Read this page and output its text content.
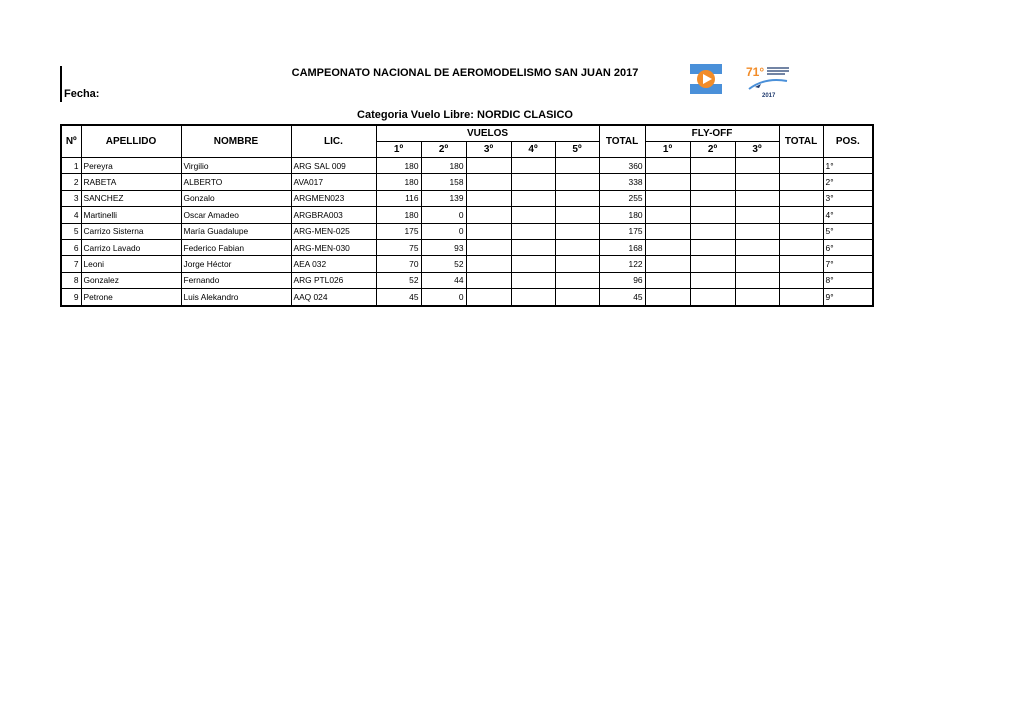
CAMPEONATO NACIONAL DE AEROMODELISMO SAN JUAN 2017
Fecha:
Categoria Vuelo Libre: NORDIC CLASICO
71°
2017
Nº	APELLIDO	NOMBRE	LIC.	VUELOS					TOTAL	FLY-OFF			TOTAL	POS.
				1º	2º	3º	4º	5º		1º	2º	3º		
1	Pereyra	Virgilio	ARG SAL 009	180	180				360					1°
2	RABETA	ALBERTO	AVA017	180	158				338					2°
3	SANCHEZ	Gonzalo	ARGMEN023	116	139				255					3°
4	Martinelli	Oscar Amadeo	ARGBRA003	180	0				180					4°
5	Carrizo Sisterna	María Guadalupe	ARG-MEN-025	175	0				175					5°
6	Carrizo Lavado	Federico Fabian	ARG-MEN-030	75	93				168					6°
7	Leoni	Jorge Héctor	AEA 032	70	52				122					7°
8	Gonzalez	Fernando	ARG PTL026	52	44				96					8°
9	Petrone	Luis Alekandro	AAQ 024	45	0				45					9°
